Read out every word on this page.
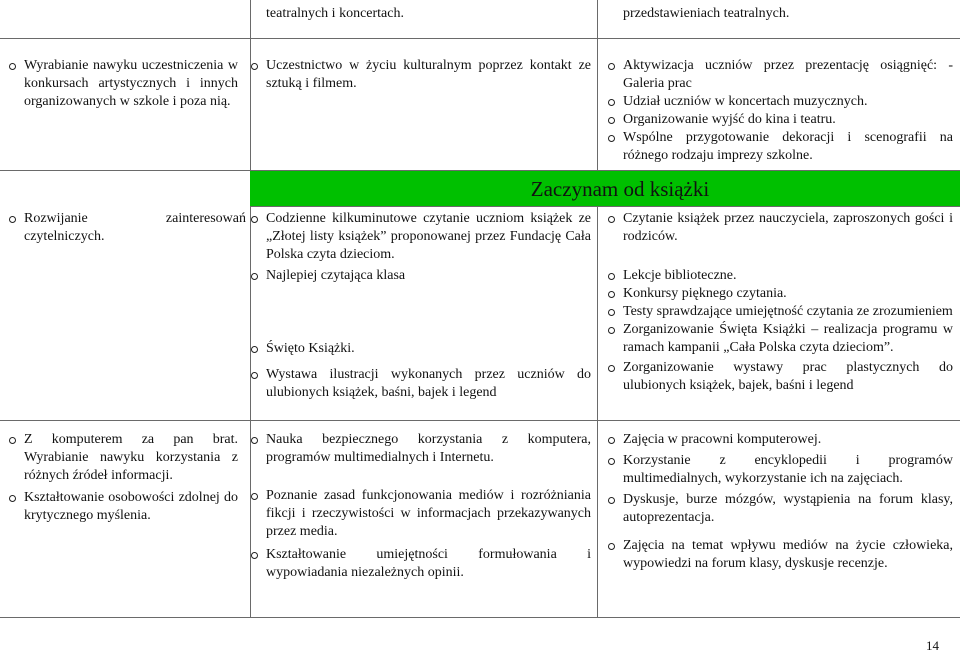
teatralnych i koncertach.	przedstawieniach teatralnych.
Wyrabianie nawyku uczestniczenia w konkursach artystycznych i innych organizowanych w szkole i poza nią.
Uczestnictwo w życiu kulturalnym poprzez kontakt ze sztuką i filmem.
Aktywizacja uczniów przez prezentację osiągnięć: - Galeria prac
Udział uczniów w koncertach muzycznych.
Organizowanie wyjść do kina i teatru.
Wspólne przygotowanie dekoracji i scenografii na różnego rodzaju imprezy szkolne.
Zaczynam od książki
Rozwijanie zainteresowań czytelniczych.
Codzienne kilkuminutowe czytanie uczniom książek ze „Złotej listy książek” proponowanej przez Fundację Cała Polska czyta dzieciom.
Najlepiej czytająca klasa
Święto Książki.
Wystawa ilustracji wykonanych przez uczniów do ulubionych książek, baśni, bajek i legend
Czytanie książek przez nauczyciela, zaproszonych gości i rodziców.
Lekcje biblioteczne.
Konkursy pięknego czytania.
Testy sprawdzające umiejętność czytania ze zrozumieniem
Zorganizowanie Święta Książki – realizacja programu w ramach kampanii „Cała Polska czyta dzieciom”.
Zorganizowanie wystawy prac plastycznych do ulubionych książek, bajek, baśni i legend
Z komputerem za pan brat. Wyrabianie nawyku korzystania z różnych źródeł informacji.
Kształtowanie osobowości zdolnej do krytycznego myślenia.
Nauka bezpiecznego korzystania z komputera, programów multimedialnych i Internetu.
Poznanie zasad funkcjonowania mediów i rozróżniania fikcji i rzeczywistości w informacjach przekazywanych przez media.
Kształtowanie umiejętności formułowania i wypowiadania niezależnych opinii.
Zajęcia w pracowni komputerowej.
Korzystanie z encyklopedii i programów multimedialnych, wykorzystanie ich na zajęciach.
Dyskusje, burze mózgów, wystąpienia na forum klasy, autoprezentacja.
Zajęcia na temat wpływu mediów na życie człowieka, wypowiedzi na forum klasy, dyskusje recenzje.
14
